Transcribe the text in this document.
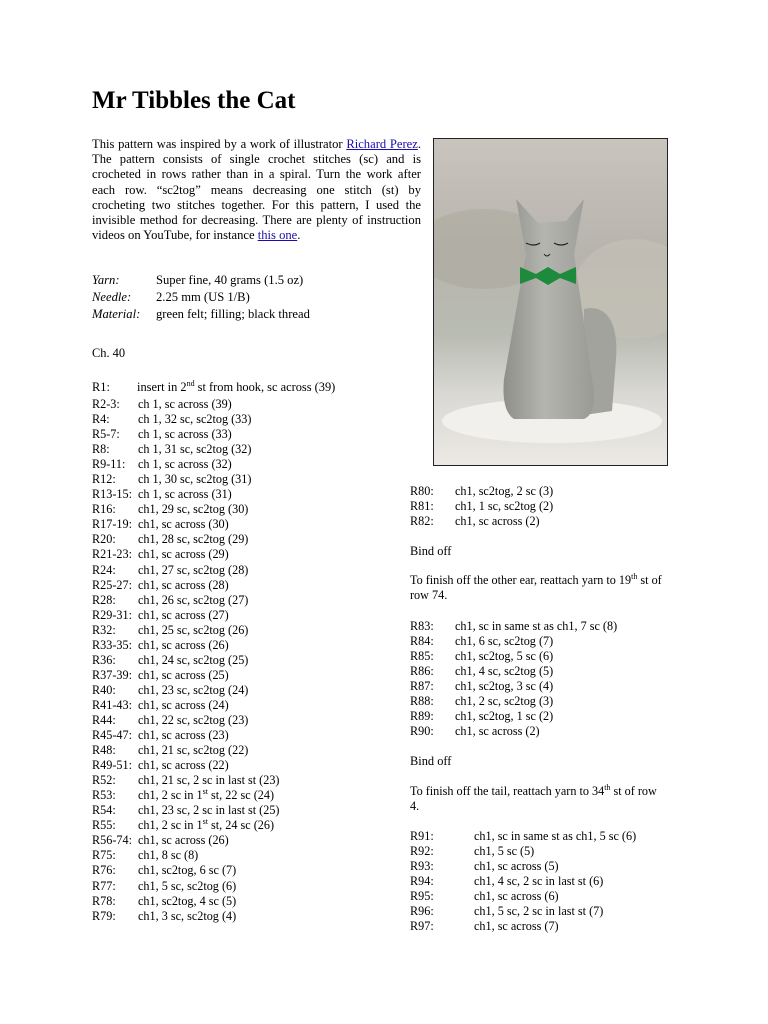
Mr Tibbles the Cat

This pattern was inspired by a work of illustrator Richard Perez. The pattern consists of single crochet stitches (sc) and is crocheted in rows rather than in a spiral. Turn the work after each row. “sc2tog” means decreasing one stitch (st) by crocheting two stitches together. For this pattern, I used the invisible method for decreasing. There are plenty of instruction videos on YouTube, for instance this one.

Yarn:	Super fine, 40 grams (1.5 oz)
Needle: 2.25 mm (US 1/B)
Material: green felt; filling; black thread
Ch. 40
R1: insert in 2nd st from hook, sc across (39)
R2-3: ch 1, sc across (39)
R4: ch 1, 32 sc, sc2tog (33)
R5-7: ch 1, sc across (33)
R8: ch 1, 31 sc, sc2tog (32)
R9-11: ch 1, sc across (32)
R12: ch 1, 30 sc, sc2tog (31)
R13-15: ch 1, sc across (31)
R16: ch1, 29 sc, sc2tog (30)
R17-19: ch1, sc across (30)
R20: ch1, 28 sc, sc2tog (29)
R21-23: ch1, sc across (29)
R24: ch1, 27 sc, sc2tog (28)
R25-27: ch1, sc across (28)
R28: ch1, 26 sc, sc2tog (27)
R29-31: ch1, sc across (27)
R32: ch1, 25 sc, sc2tog (26)
R33-35: ch1, sc across (26)
R36: ch1, 24 sc, sc2tog (25)
R37-39: ch1, sc across (25)
R40: ch1, 23 sc, sc2tog (24)
R41-43: ch1, sc across (24)
R44: ch1, 22 sc, sc2tog (23)
R45-47: ch1, sc across (23)
R48: ch1, 21 sc, sc2tog (22)
R49-51: ch1, sc across (22)
R52: ch1, 21 sc, 2 sc in last st (23)
R53: ch1, 2 sc in 1st st, 22 sc (24)
R54: ch1, 23 sc, 2 sc in last st (25)
R55: ch1, 2 sc in 1st st, 24 sc (26)
R56-74: ch1, sc across (26)
R75: ch1, 8 sc (8)
R76: ch1, sc2tog, 6 sc (7)
R77: ch1, 5 sc, sc2tog (6)
R78: ch1, sc2tog, 4 sc (5)
R79: ch1, 3 sc, sc2tog (4)
R80: ch1, sc2tog, 2 sc (3)
R81: ch1, 1 sc, sc2tog (2)
R82: ch1, sc across (2)
Bind off
To finish off the other ear, reattach yarn to 19th st of row 74.
R83: ch1, sc in same st as ch1, 7 sc (8)
R84: ch1, 6 sc, sc2tog (7)
R85: ch1, sc2tog, 5 sc (6)
R86: ch1, 4 sc, sc2tog (5)
R87: ch1, sc2tog, 3 sc (4)
R88: ch1, 2 sc, sc2tog (3)
R89: ch1, sc2tog, 1 sc (2)
R90: ch1, sc across (2)
Bind off
To finish off the tail, reattach yarn to 34th st of row 4.
R91:	ch1, sc in same st as ch1, 5 sc (6)
R92:	ch1, 5 sc (5)
R93:	ch1, sc across (5)
R94:	ch1, 4 sc, 2 sc in last st (6)
R95:	ch1, sc across (6)
R96:	ch1, 5 sc, 2 sc in last st (7)
R97:	ch1, sc across (7)
